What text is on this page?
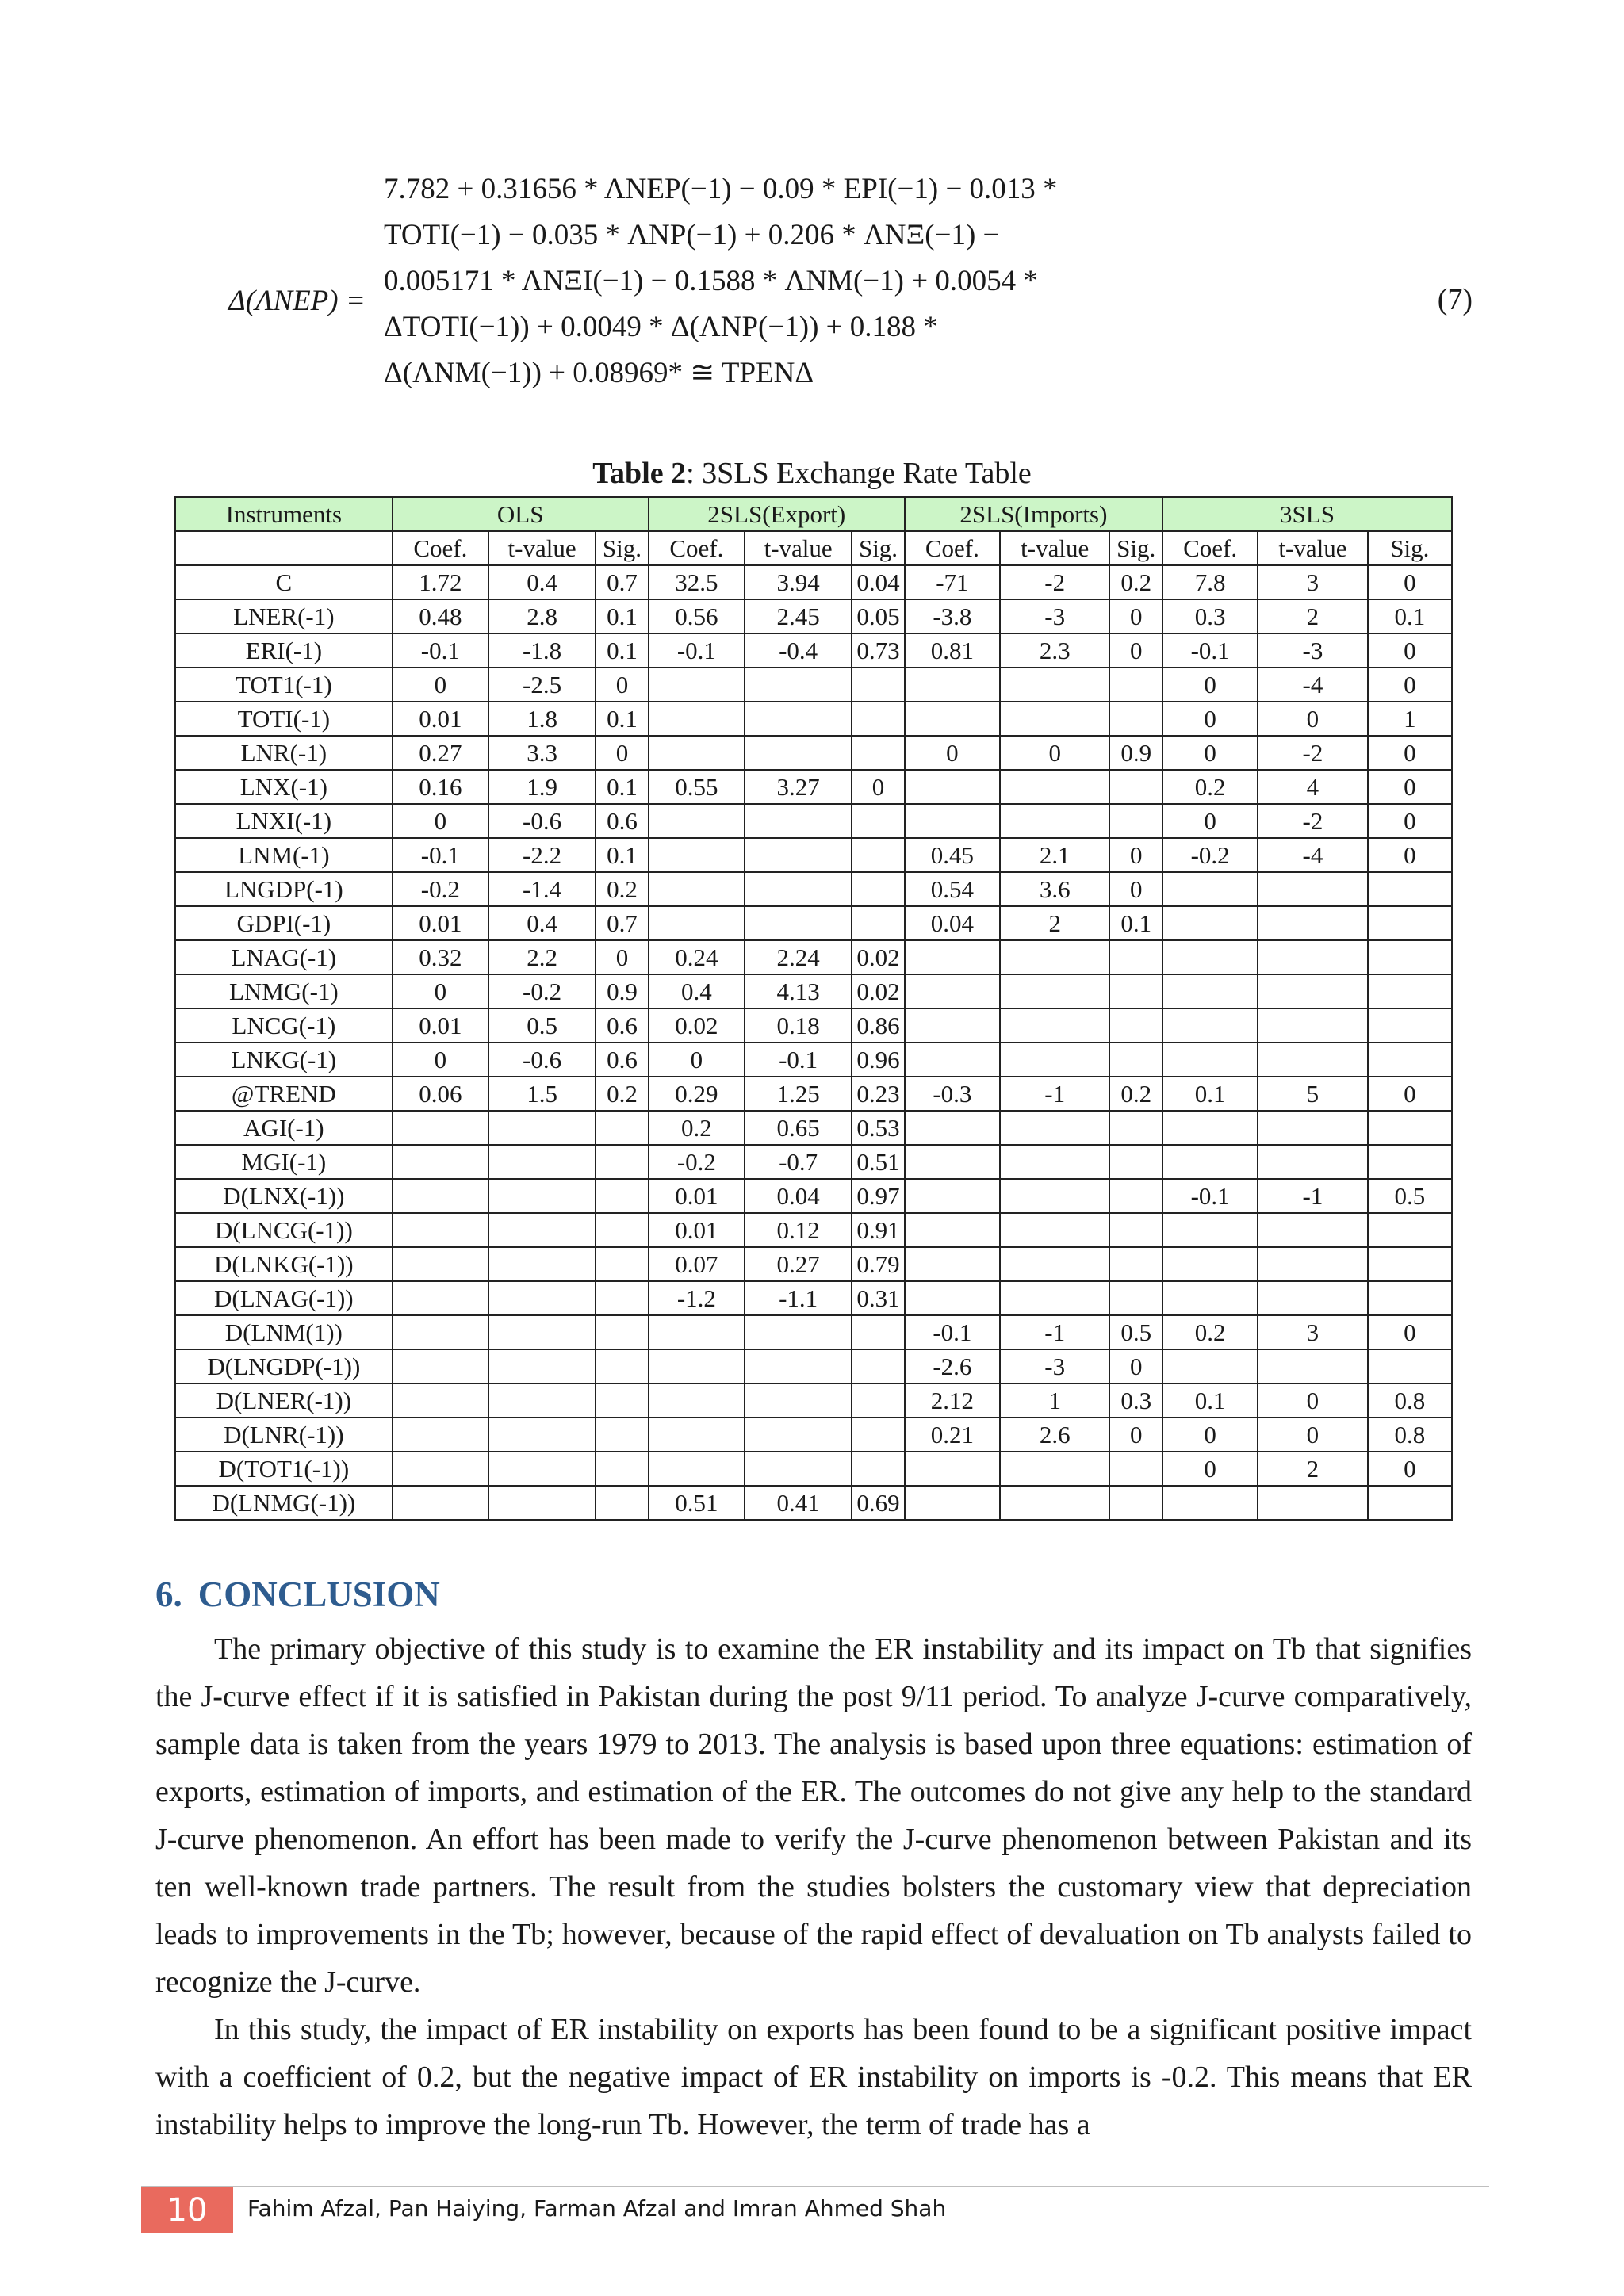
Δ(ΛNEP) =
7.782 + 0.31656 * ΛNEP(−1) − 0.09 * EPI(−1) − 0.013 *
TOTI(−1) − 0.035 * ΛNP(−1) + 0.206 * ΛNΞ(−1) −
0.005171 * ΛNΞI(−1) − 0.1588 * ΛNM(−1) + 0.0054 *
ΔTOTI(−1)) + 0.0049 * Δ(ΛNP(−1)) + 0.188 *
Δ(ΛNM(−1)) + 0.08969* ≅ TPENΔ
(7)
Table 2: 3SLS Exchange Rate Table
Instruments	OLS			2SLS(Export)			2SLS(Imports)			3SLS		
	Coef.	t-value	Sig.	Coef.	t-value	Sig.	Coef.	t-value	Sig.	Coef.	t-value	Sig.
C	1.72	0.4	0.7	32.5	3.94	0.04	-71	-2	0.2	7.8	3	0
LNER(-1)	0.48	2.8	0.1	0.56	2.45	0.05	-3.8	-3	0	0.3	2	0.1
ERI(-1)	-0.1	-1.8	0.1	-0.1	-0.4	0.73	0.81	2.3	0	-0.1	-3	0
TOT1(-1)	0	-2.5	0							0	-4	0
TOTI(-1)	0.01	1.8	0.1							0	0	1
LNR(-1)	0.27	3.3	0				0	0	0.9	0	-2	0
LNX(-1)	0.16	1.9	0.1	0.55	3.27	0				0.2	4	0
LNXI(-1)	0	-0.6	0.6							0	-2	0
LNM(-1)	-0.1	-2.2	0.1				0.45	2.1	0	-0.2	-4	0
LNGDP(-1)	-0.2	-1.4	0.2				0.54	3.6	0			
GDPI(-1)	0.01	0.4	0.7				0.04	2	0.1			
LNAG(-1)	0.32	2.2	0	0.24	2.24	0.02						
LNMG(-1)	0	-0.2	0.9	0.4	4.13	0.02						
LNCG(-1)	0.01	0.5	0.6	0.02	0.18	0.86						
LNKG(-1)	0	-0.6	0.6	0	-0.1	0.96						
@TREND	0.06	1.5	0.2	0.29	1.25	0.23	-0.3	-1	0.2	0.1	5	0
AGI(-1)				0.2	0.65	0.53						
MGI(-1)				-0.2	-0.7	0.51						
D(LNX(-1))				0.01	0.04	0.97				-0.1	-1	0.5
D(LNCG(-1))				0.01	0.12	0.91						
D(LNKG(-1))				0.07	0.27	0.79						
D(LNAG(-1))				-1.2	-1.1	0.31						
D(LNM(1))							-0.1	-1	0.5	0.2	3	0
D(LNGDP(-1))							-2.6	-3	0			
D(LNER(-1))							2.12	1	0.3	0.1	0	0.8
D(LNR(-1))							0.21	2.6	0	0	0	0.8
D(TOT1(-1))										0	2	0
D(LNMG(-1))				0.51	0.41	0.69						
6. CONCLUSION

The primary objective of this study is to examine the ER instability and its impact on Tb that signifies the J-curve effect if it is satisfied in Pakistan during the post 9/11 period. To analyze J-curve comparatively, sample data is taken from the years 1979 to 2013. The analysis is based upon three equations: estimation of exports, estimation of imports, and estimation of the ER. The outcomes do not give any help to the standard J-curve phenomenon. An effort has been made to verify the J-curve phenomenon between Pakistan and its ten well-known trade partners. The result from the studies bolsters the customary view that depreciation leads to improvements in the Tb; however, because of the rapid effect of devaluation on Tb analysts failed to recognize the J-curve.

In this study, the impact of ER instability on exports has been found to be a significant positive impact with a coefficient of 0.2, but the negative impact of ER instability on imports is -0.2. This means that ER instability helps to improve the long-run Tb. However, the term of trade has a

10	Fahim Afzal, Pan Haiying, Farman Afzal and Imran Ahmed Shah
